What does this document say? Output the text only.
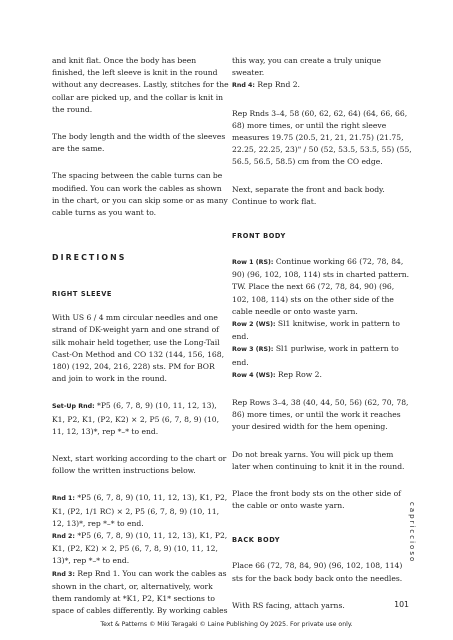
and knit flat. Once the body has been finished, the left sleeve is knit in the round without any decreases. Lastly, stitches for the collar are picked up, and the collar is knit in the round.

The body length and the width of the sleeves are the same.

The spacing between the cable turns can be modified. You can work the cables as shown in the chart, or you can skip some or as many cable turns as you want to.

DIRECTIONS
RIGHT SLEEVE

With US 6 / 4 mm circular needles and one strand of DK-weight yarn and one strand of silk mohair held together, use the Long-Tail Cast-On Method and CO 132 (144, 156, 168, 180) (192, 204, 216, 228) sts. PM for BOR and join to work in the round.

Set-Up Rnd: *P5 (6, 7, 8, 9) (10, 11, 12, 13), K1, P2, K1, (P2, K2) × 2, P5 (6, 7, 8, 9) (10, 11, 12, 13)*, rep *–* to end.

Next, start working according to the chart or follow the written instructions below.

Rnd 1: *P5 (6, 7, 8, 9) (10, 11, 12, 13), K1, P2, K1, (P2, 1/1 RC) × 2, P5 (6, 7, 8, 9) (10, 11, 12, 13)*, rep *–* to end.

Rnd 2: *P5 (6, 7, 8, 9) (10, 11, 12, 13), K1, P2, K1, (P2, K2) × 2, P5 (6, 7, 8, 9) (10, 11, 12, 13)*, rep *–* to end.

Rnd 3: Rep Rnd 1. You can work the cables as shown in the chart, or, alternatively, work them randomly at *K1, P2, K1* sections to space of cables differently. By working cables

this way, you can create a truly unique sweater.

Rnd 4: Rep Rnd 2.

Rep Rnds 3–4, 58 (60, 62, 62, 64) (64, 66, 66, 68) more times, or until the right sleeve measures 19.75 (20.5, 21, 21, 21.75) (21.75, 22.25, 22.25, 23)" / 50 (52, 53.5, 53.5, 55) (55, 56.5, 56.5, 58.5) cm from the CO edge.

Next, separate the front and back body. Continue to work flat.

FRONT BODY

Row 1 (RS): Continue working 66 (72, 78, 84, 90) (96, 102, 108, 114) sts in charted pattern. TW. Place the next 66 (72, 78, 84, 90) (96, 102, 108, 114) sts on the other side of the cable needle or onto waste yarn.

Row 2 (WS): Sl1 knitwise, work in pattern to end.

Row 3 (RS): Sl1 purlwise, work in pattern to end.

Row 4 (WS): Rep Row 2.

Rep Rows 3–4, 38 (40, 44, 50, 56) (62, 70, 78, 86) more times, or until the work it reaches your desired width for the hem opening.

Do not break yarns. You will pick up them later when continuing to knit it in the round.

Place the front body sts on the other side of the cable or onto waste yarn.

BACK BODY

Place 66 (72, 78, 84, 90) (96, 102, 108, 114) sts for the back body back onto the needles.

With RS facing, attach yarns.

capriccioso
101
Text & Patterns © Miki Teragaki © Laine Publishing Oy 2025. For private use only.
